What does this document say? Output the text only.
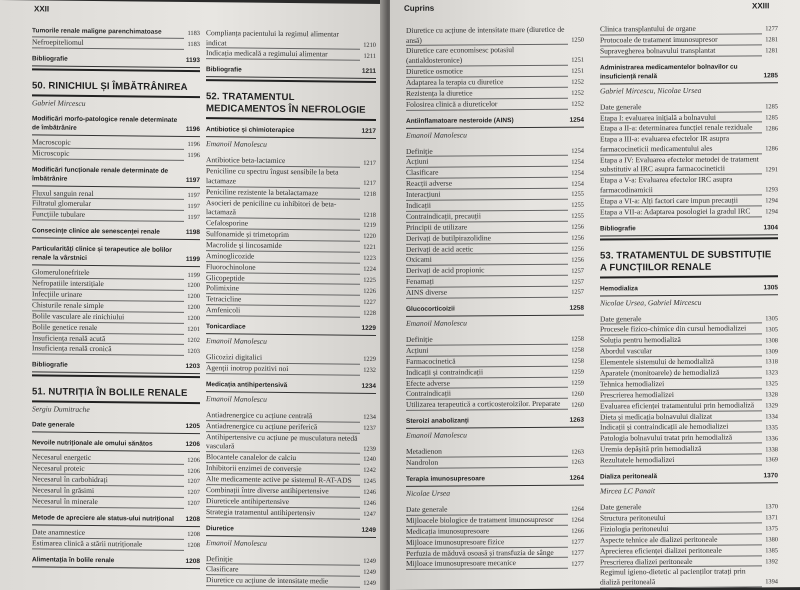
XXII
Tumorile renale maligne parenchimatoase	1183
Nefroepiteliomul	1183
Bibliografie	1193
50. RINICHIUL ȘI ÎMBĂTRÂNIREA
Gabriel Mircescu
Modificări morfo-patologice renale determinate de îmbătrânire	1196
Macroscopic	1196
Microscopic	1196
Modificări funcționale renale determinate de îmbătrânire	1197
Fluxul sanguin renal	1197
Filtratul glomerular	1197
Funcțiile tubulare	1197
Consecințe clinice ale senescenței renale	1198
Particularități clinice și terapeutice ale bolilor renale la vârstnici	1199
Glomerulonefritele	1199
Nefropatiile interstițiale	1200
Infecțiile urinare	1200
Chisturile renale simple	1200
Bolile vasculare ale rinichiului	1200
Bolile genetice renale	1201
Insuficiența renală acută	1202
Insuficiența renală cronică	1203
Bibliografie	1203
51. NUTRIȚIA ÎN BOLILE RENALE
Sergiu Dumitrache
Date generale	1205
Nevoile nutriționale ale omului sănătos	1206
Necesarul energetic	1206
Necesarul proteic	1206
Necesarul în carbohidrați	1207
Necesarul în grăsimi	1207
Necesarul în minerale	1207
Metode de apreciere ale status-ului nutrițional	1208
Date anamnestice	1208
Estimarea clinică a stării nutriționale	1208
Alimentația în bolile renale	1208
Complianța pacientului la regimul alimentar indicat	1210
Indicația medicală a regimului alimentar	1211
Bibliografie	1211
52. TRATAMENTUL MEDICAMENTOS ÎN NEFROLOGIE
Antibiotice și chimioterapice	1217
Emanoil Manolescu
Antibiotice beta-lactamice	1217
Peniciline cu spectru îngust sensibile la beta lactamaze	1217
Peniciline rezistente la betalactamaze	1218
Asocieri de peniciline cu inhibitori de beta-lactamază	1218
Cefalosporine	1219
Sulfonamide și trimetoprim	1220
Macrolide și lincosamide	1221
Aminoglicozide	1223
Fluorochinolone	1224
Glicopeptide	1225
Polimixine	1226
Tetracicline	1227
Amfenicoli	1228
Tonicardiace	1229
Emanoil Manolescu
Glicozizi digitalici	1229
Agenții inotrop pozitivi noi	1232
Medicația antihipertensivă	1234
Emanoil Manolescu
Antiadrenergice cu acțiune centrală	1234
Antiadrenergice cu acțiune periferică	1237
Antihipertensive cu acțiune pe musculatura netedă vasculară	1239
Blocantele canalelor de calciu	1240
Inhibitorii enzimei de conversie	1242
Alte medicamente active pe sistemul R-AT-ADS	1245
Combinații între diverse antihipertensive	1246
Diureticele antihipertensive	1246
Strategia tratamentul antihipertensiv	1247
Diuretice	1249
Emanoil Manolescu
Definiție	1249
Clasificare	1249
Diuretice cu acțiune de intensitate medie	1249
Cuprins	XXIII
Diuretice cu acțiune de intensitate mare (diuretice de ansă)	1250
Diuretice care economisesc potasiul (antialdosteronice)	1251
Diuretice osmotice	1251
Adaptarea la terapia cu diuretice	1252
Rezistența la diuretice	1252
Folosirea clinică a diureticelor	1252
Antiinflamatoare nesteroide (AINS)	1254
Emanoil Manolescu
Definiție	1254
Acțiuni	1254
Clasificare	1254
Reacții adverse	1254
Interacțiuni	1255
Indicații	1255
Contraindicații, precauții	1255
Principii de utilizare	1256
Derivați de butilpirazolidine	1256
Derivați de acid acetic	1256
Oxicami	1256
Derivați de acid propionic	1257
Fenamați	1257
AINS diverse	1257
Glucocorticoizii	1258
Emanoil Manolescu
Definiție	1258
Acțiuni	1258
Farmacocinetică	1258
Indicații și contraindicații	1259
Efecte adverse	1259
Contraindicații	1260
Utilizarea terapeutică a corticosteroizilor. Preparate	1260
Steroizi anabolizanți	1263
Emanoil Manolescu
Metadienon	1263
Nandrolon	1263
Terapia imunosupresoare	1264
Nicolae Ursea
Date generale	1264
Mijloacele biologice de tratament imunosupresor	1264
Medicația imunosupresoare	1266
Mijloace imunosupresoare fizice	1277
Perfuzia de măduvă osoasă și transfuzia de sânge	1277
Mijloace imunosupresoare mecanice	1277
Clinica transplantului de organe	1277
Protocoale de tratament imunosupresor	1281
Supravegherea bolnavului transplantat	1281
Administrarea medicamentelor bolnavilor cu insuficiență renală	1285
Gabriel Mircescu, Nicolae Ursea
Date generale	1285
Etapa I: evaluarea inițială a bolnavului	1285
Etapa a II-a: determinarea funcției renale reziduale	1286
Etapa a III-a: evaluarea efectelor IR asupra farmacocineticii medicamentului ales	1286
Etapa a IV: Evaluarea efectelor metodei de tratament substitutiv al IRC asupra farmacocineticii	1291
Etapa a V-a: Evaluarea efectelor IRC asupra farmacodinamicii	1293
Etapa a VI-a: Alți factori care impun precauții	1294
Etapa a VII-a: Adaptarea posologiei la gradul IRC	1294
Bibliografie	1304
53. TRATAMENTUL DE SUBSTITUȚIE A FUNCȚIILOR RENALE
Hemodializa	1305
Nicolae Ursea, Gabriel Mircescu
Date generale	1305
Procesele fizico-chimice din cursul hemodializei	1305
Soluția pentru hemodializă	1308
Abordul vascular	1309
Elementele sistemului de hemodializă	1318
Aparatele (monitoarele) de hemodializă	1323
Tehnica hemodializei	1325
Prescrierea hemodializei	1328
Evaluarea eficienței tratamentului prin hemodializă	1329
Dieta și medicația bolnavului dializat	1334
Indicații și contraindicații ale hemodializei	1335
Patologia bolnavului tratat prin hemodializă	1336
Uremia depășită prin hemodializă	1338
Rezultatele hemodializei	1369
Dializa peritoneală	1370
Mircea LC Panait
Date generale	1370
Structura peritoneului	1371
Fiziologia peritoneului	1375
Aspecte tehnice ale dializei peritoneale	1380
Aprecierea eficienței dializei peritoneale	1385
Prescrierea dializei peritoneale	1392
Regimul igieno-dietetic al pacienților tratați prin dializă peritoneală	1394
